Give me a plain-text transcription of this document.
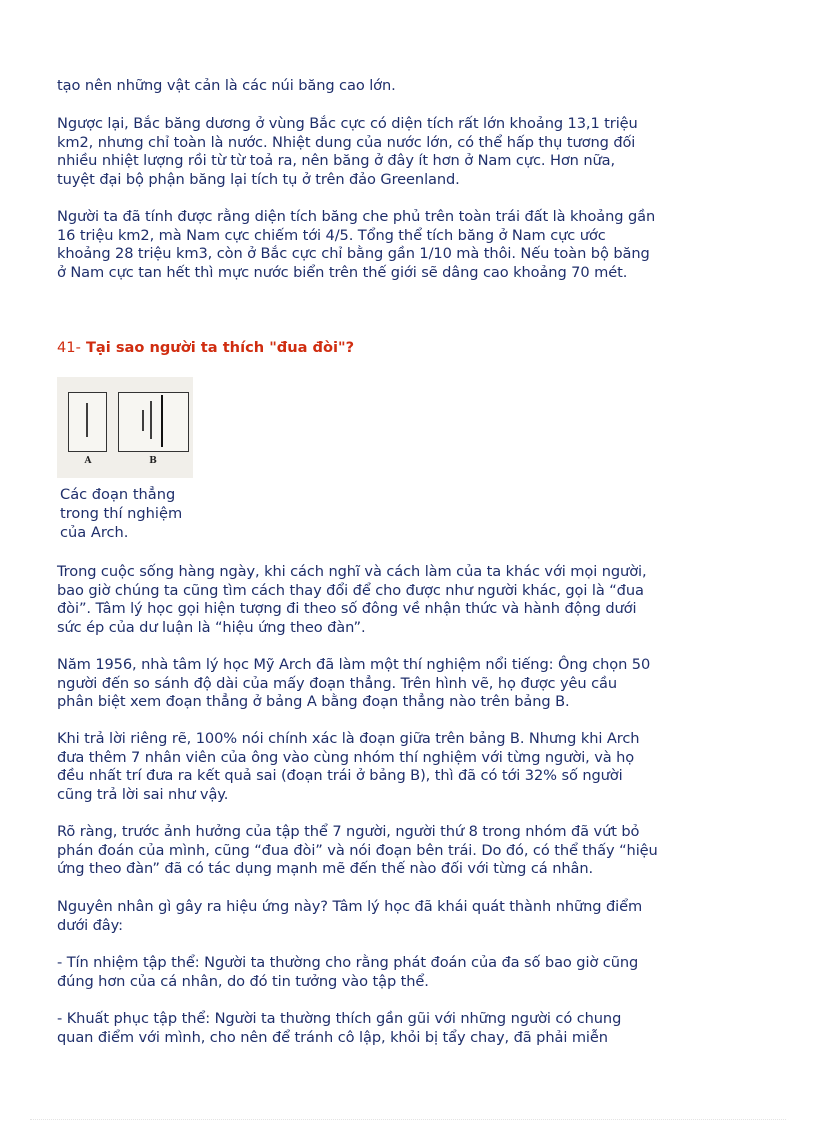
tạo nên những vật cản là các núi băng cao lớn.

Ngược lại, Bắc băng dương ở vùng Bắc cực có diện tích rất lớn khoảng 13,1 triệu
km2, nhưng chỉ toàn là nước. Nhiệt dung của nước lớn, có thể hấp thụ tương đối
nhiều nhiệt lượng rồi từ từ toả ra, nên băng ở đây ít hơn ở Nam cực. Hơn nữa,
tuyệt đại bộ phận băng lại tích tụ ở trên đảo Greenland.

Người ta đã tính được rằng diện tích băng che phủ trên toàn trái đất là khoảng gần
16 triệu km2, mà Nam cực chiếm tới 4/5. Tổng thể tích băng ở Nam cực ước
khoảng 28 triệu km3, còn ở Bắc cực chỉ bằng gần 1/10 mà thôi. Nếu toàn bộ băng
ở Nam cực tan hết thì mực nước biển trên thế giới sẽ dâng cao khoảng 70 mét.

41- Tại sao người ta thích "đua đòi"?
A	B

Các đoạn thẳng
trong thí nghiệm
của Arch.

Trong cuộc sống hàng ngày, khi cách nghĩ và cách làm của ta khác với mọi người,
bao giờ chúng ta cũng tìm cách thay đổi để cho được như người khác, gọi là “đua
đòi”. Tâm lý học gọi hiện tượng đi theo số đông về nhận thức và hành động dưới
sức ép của dư luận là “hiệu ứng theo đàn”.

Năm 1956, nhà tâm lý học Mỹ Arch đã làm một thí nghiệm nổi tiếng: Ông chọn 50
người đến so sánh độ dài của mấy đoạn thẳng. Trên hình vẽ, họ được yêu cầu
phân biệt xem đoạn thẳng ở bảng A bằng đoạn thẳng nào trên bảng B.

Khi trả lời riêng rẽ, 100% nói chính xác là đoạn giữa trên bảng B. Nhưng khi Arch
đưa thêm 7 nhân viên của ông vào cùng nhóm thí nghiệm với từng người, và họ
đều nhất trí đưa ra kết quả sai (đoạn trái ở bảng B), thì đã có tới 32% số người
cũng trả lời sai như vậy.

Rõ ràng, trước ảnh hưởng của tập thể 7 người, người thứ 8 trong nhóm đã vứt bỏ
phán đoán của mình, cũng “đua đòi” và nói đoạn bên trái. Do đó, có thể thấy “hiệu
ứng theo đàn” đã có tác dụng mạnh mẽ đến thế nào đối với từng cá nhân.

Nguyên nhân gì gây ra hiệu ứng này? Tâm lý học đã khái quát thành những điểm
dưới đây:

- Tín nhiệm tập thể: Người ta thường cho rằng phát đoán của đa số bao giờ cũng
đúng hơn của cá nhân, do đó tin tưởng vào tập thể.

- Khuất phục tập thể: Người ta thường thích gần gũi với những người có chung
quan điểm với mình, cho nên để tránh cô lập, khỏi bị tẩy chay, đã phải miễn
